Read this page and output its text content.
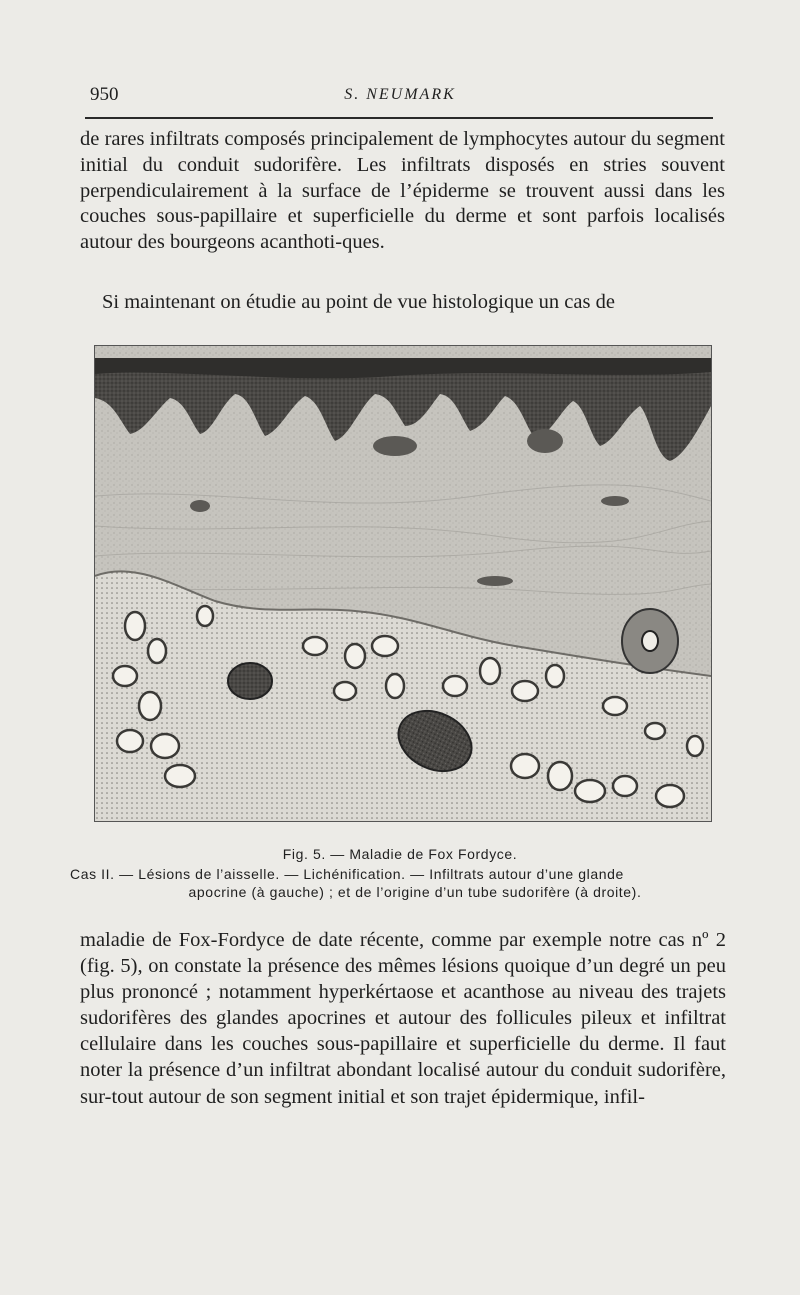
950	S. NEUMARK

de rares infiltrats composés principalement de lymphocytes autour du segment initial du conduit sudorifère. Les infiltrats disposés en stries souvent perpendiculairement à la surface de l’épiderme se trouvent aussi dans les couches sous-papillaire et superficielle du derme et sont parfois localisés autour des bourgeons acanthoti-ques.

Si maintenant on étudie au point de vue histologique un cas de

Fig. 5. — Maladie de Fox Fordyce.
Cas II. — Lésions de l’aisselle. — Lichénification. — Infiltrats autour d’une glande
apocrine (à gauche) ; et de l’origine d’un tube sudorifère (à droite).

maladie de Fox-Fordyce de date récente, comme par exemple notre cas nº 2 (fig. 5), on constate la présence des mêmes lésions quoique d’un degré un peu plus prononcé ; notamment hyperkértaose et acanthose au niveau des trajets sudorifères des glandes apocrines et autour des follicules pileux et infiltrat cellulaire dans les couches sous-papillaire et superficielle du derme. Il faut noter la présence d’un infiltrat abondant localisé autour du conduit sudorifère, sur-tout autour de son segment initial et son trajet épidermique, infil-
